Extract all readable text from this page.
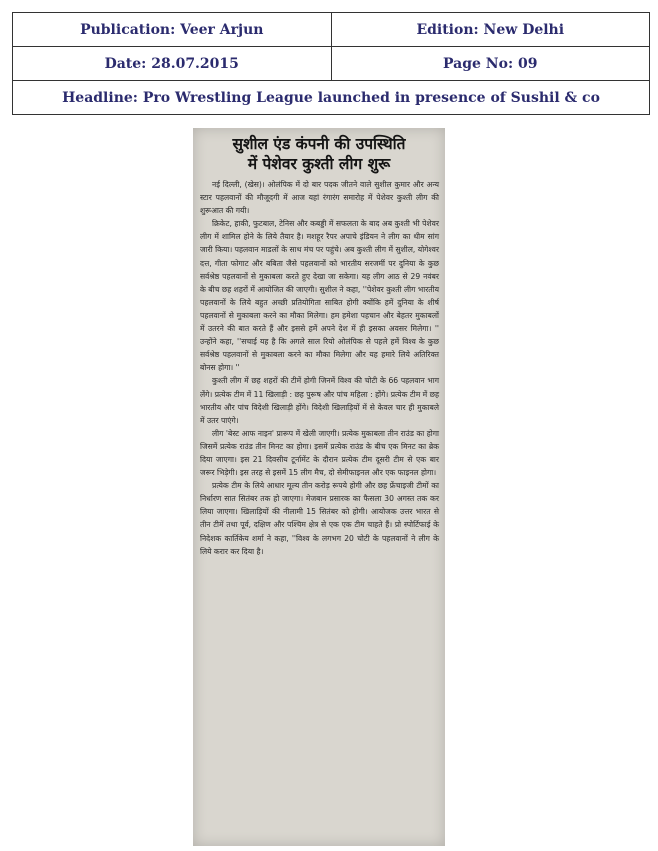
Publication: Veer Arjun	Edition: New Delhi
Date: 28.07.2015	Page No: 09
Headline: Pro Wrestling League launched in presence of Sushil & co	
सुशील एंड कंपनी की उपस्थिति
में पेशेवर कुश्ती लीग शुरू

नई दिल्ली, (खेस)। ओलंपिक में दो बार पदक जीतने वाले सुशील कुमार और अन्य स्टार पहलवानों की मौजूदगी में आज यहां रंगारंग समारोह में पेशेवर कुश्ती लीग की शुरूआत की गयी।

क्रिकेट, हाकी, फुटबाल, टेनिस और कबड्डी में सफलता के बाद अब कुश्ती भी पेशेवर लीग में शामिल होने के लिये तैयार है। मशहूर रैपर अपाचे इंडियन ने लीग का थीम सांग जारी किया। पहलवान माडलों के साथ मंच पर पहुंचे। अब कुश्ती लीग में सुशील, योगेश्वर दत्त, गीता फोगाट और बबिता जैसे पहलवानों को भारतीय सरजमीं पर दुनिया के कुछ सर्वश्रेष्ठ पहलवानों से मुकाबला करते हुए देखा जा सकेगा। यह लीग आठ से 29 नवंबर के बीच छह शहरों में आयोजित की जाएगी। सुशील ने कहा, ''पेशेवर कुश्ती लीग भारतीय पहलवानों के लिये बहुत अच्छी प्रतियोगिता साबित होगी क्योंकि हमें दुनिया के शीर्ष पहलवानों से मुकाबला करने का मौका मिलेगा। हम हमेशा पहचान और बेहतर मुकाबलों में उतरने की बात करते हैं और इससे हमें अपने देश में ही इसका अवसर मिलेगा। '' उन्होंने कहा, ''सचाई यह है कि अगले साल रियो ओलंपिक से पहले हमें विश्व के कुछ सर्वश्रेष्ठ पहलवानों से मुकाबला करने का मौका मिलेगा और यह हमारे लिये अतिरिक्त बोनस होगा। ''

कुश्ती लीग में छह शहरों की टीमें होगी जिनमें विश्व की चोटी के 66 पहलवान भाग लेंगे। प्रत्येक टीम में 11 खिलाड़ी : छह पुरूष और पांच महिला : होंगे। प्रत्येक टीम में छह भारतीय और पांच विदेशी खिलाड़ी होंगे। विदेशी खिलाड़ियों में से केवल चार ही मुकाबले में उतर पाएंगे।

लीग 'बेस्ट आफ नाइन' प्रारूप में खेली जाएगी। प्रत्येक मुकाबला तीन राउंड का होगा जिसमें प्रत्येक राउंड तीन मिनट का होगा। इसमें प्रत्येक राउंड के बीच एक मिनट का ब्रेक दिया जाएगा। इस 21 दिवसीय टूर्नामेंट के दौरान प्रत्येक टीम दूसरी टीम से एक बार जरूर भिड़ेगी। इस तरह से इसमें 15 लीग मैच, दो सेमीफाइनल और एक फाइनल होगा।

प्रत्येक टीम के लिये आधार मूल्य तीन करोड़ रूपये होगी और छह फ्रेंचाइजी टीमों का निर्धारण सात सितंबर तक हो जाएगा। मेजबान प्रसारक का फैसला 30 अगस्त तक कर लिया जाएगा। खिलाड़ियों की नीलामी 15 सितंबर को होगी। आयोजक उत्तर भारत से तीन टीमें तथा पूर्व, दक्षिण और पश्चिम क्षेत्र से एक एक टीम चाहते हैं। प्रो स्पोर्टिफाई के निदेशक कार्तिकेय शर्मा ने कहा, ''विश्व के लगभग 20 चोटी के पहलवानों ने लीग के लिये करार कर दिया है।
